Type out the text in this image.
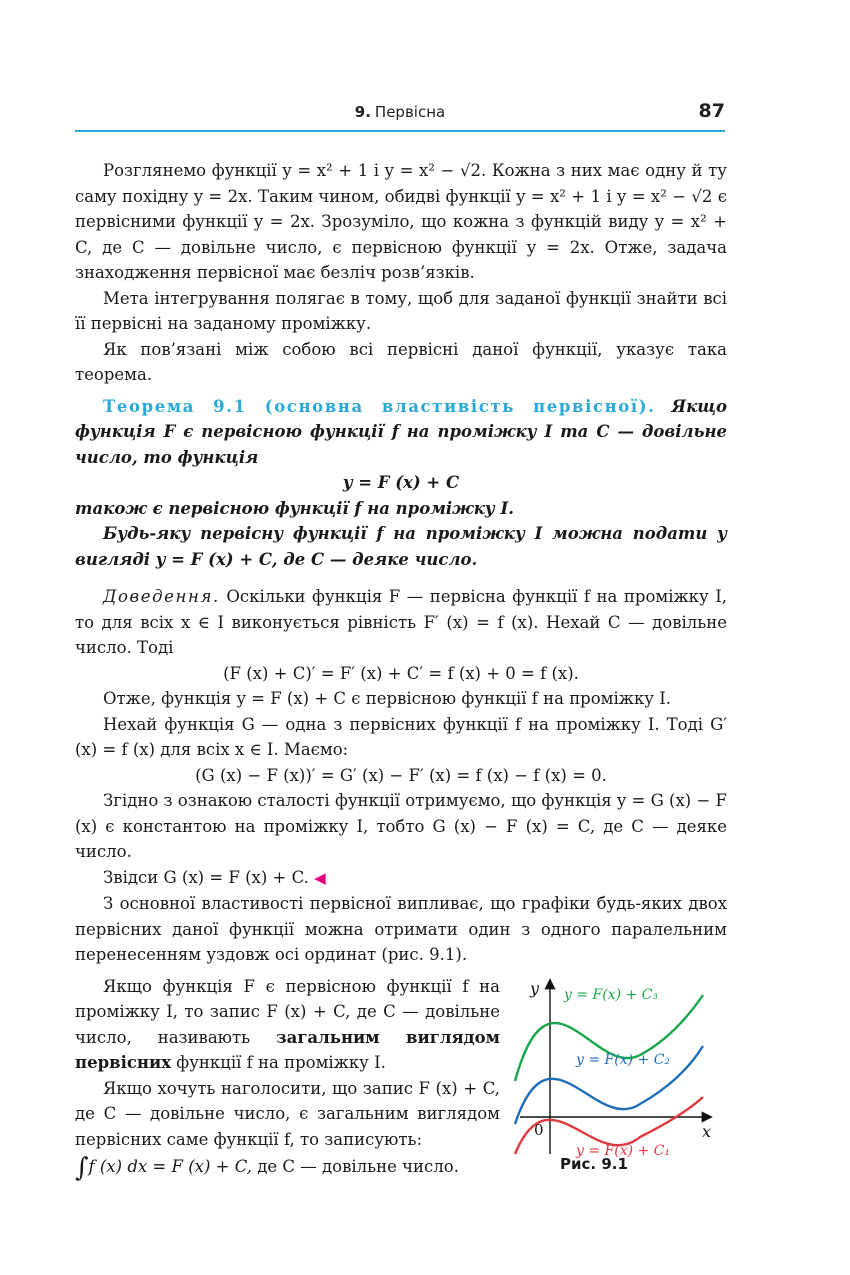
9. Первісна	87

Розглянемо функції y = x² + 1 і y = x² − √2. Кожна з них має одну й ту саму похідну y = 2x. Таким чином, обидві функції y = x² + 1 і y = x² − √2 є первісними функції y = 2x. Зрозуміло, що кожна з функцій виду y = x² + C, де C — довільне число, є первісною функції y = 2x. Отже, задача знаходження первісної має безліч розв’язків.

Мета інтегрування полягає в тому, щоб для заданої функції знайти всі її первісні на заданому проміжку.

Як пов’язані між собою всі первісні даної функції, указує така теорема.

Теорема 9.1 (основна властивість первісної). Якщо функція F є первісною функції f на проміжку I та C — довільне число, то функція

y = F (x) + C

також є первісною функції f на проміжку I.

Будь-яку первісну функції f на проміжку I можна подати у вигляді y = F (x) + C, де C — деяке число.

Доведення. Оскільки функція F — первісна функції f на проміжку I, то для всіх x ∈ I виконується рівність F′ (x) = f (x). Нехай C — довільне число. Тоді

(F (x) + C)′ = F′ (x) + C′ = f (x) + 0 = f (x).

Отже, функція y = F (x) + C є первісною функції f на проміжку I.

Нехай функція G — одна з первісних функції f на проміжку I. Тоді G′ (x) = f (x) для всіх x ∈ I. Маємо:

(G (x) − F (x))′ = G′ (x) − F′ (x) = f (x) − f (x) = 0.

Згідно з ознакою сталості функції отримуємо, що функція y = G (x) − F (x) є константою на проміжку I, тобто G (x) − F (x) = C, де C — деяке число.

Звідси G (x) = F (x) + C. ◀

З основної властивості первісної випливає, що графіки будь-яких двох первісних даної функції можна отримати один з одного паралельним перенесенням уздовж осі ординат (рис. 9.1).

Якщо функція F є первісною функції f на проміжку I, то запис F (x) + C, де C — довільне число, називають загальним виглядом первісних функції f на проміжку I.

Якщо хочуть наголосити, що запис F (x) + C, де C — довільне число, є загальним виглядом первісних саме функції f, то записують:

∫f (x) dx = F (x) + C, де C — довільне число.

y
x
0
y = F(x) + C₃
y = F(x) + C₂
y = F(x) + C₁
Рис. 9.1
